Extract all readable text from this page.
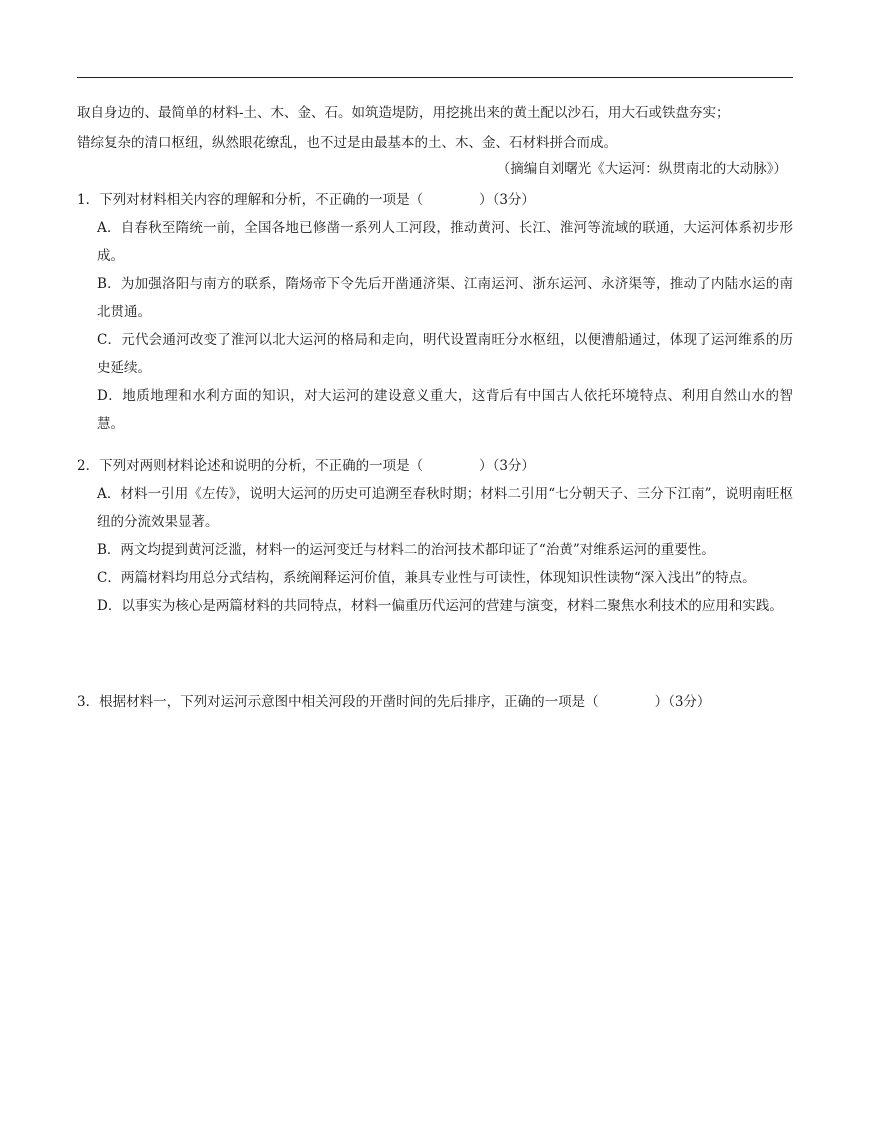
取自身边的、最简单的材料-土、木、金、石。如筑造堤防，用挖挑出来的黄土配以沙石，用大石或铁盘夯实；

错综复杂的清口枢纽，纵然眼花缭乱，也不过是由最基本的土、木、金、石材料拼合而成。

（摘编自刘曙光《大运河：纵贯南北的大动脉》）

1．下列对材料相关内容的理解和分析，不正确的一项是（	）（3分）

A．自春秋至隋统一前，全国各地已修凿一系列人工河段，推动黄河、长江、淮河等流域的联通，大运河体系初步形成。

B．为加强洛阳与南方的联系，隋炀帝下令先后开凿通济渠、江南运河、浙东运河、永济渠等，推动了内陆水运的南北贯通。

C．元代会通河改变了淮河以北大运河的格局和走向，明代设置南旺分水枢纽，以便漕船通过，体现了运河维系的历史延续。

D．地质地理和水利方面的知识，对大运河的建设意义重大，这背后有中国古人依托环境特点、利用自然山水的智慧。

2．下列对两则材料论述和说明的分析，不正确的一项是（	）（3分）

A．材料一引用《左传》，说明大运河的历史可追溯至春秋时期；材料二引用“七分朝天子、三分下江南”，说明南旺枢纽的分流效果显著。

B．两文均提到黄河泛滥，材料一的运河变迁与材料二的治河技术都印证了“治黄”对维系运河的重要性。

C．两篇材料均用总分式结构，系统阐释运河价值，兼具专业性与可读性，体现知识性读物“深入浅出”的特点。

D．以事实为核心是两篇材料的共同特点，材料一偏重历代运河的营建与演变，材料二聚焦水利技术的应用和实践。

3．根据材料一，下列对运河示意图中相关河段的开凿时间的先后排序，正确的一项是（	）（3分）
